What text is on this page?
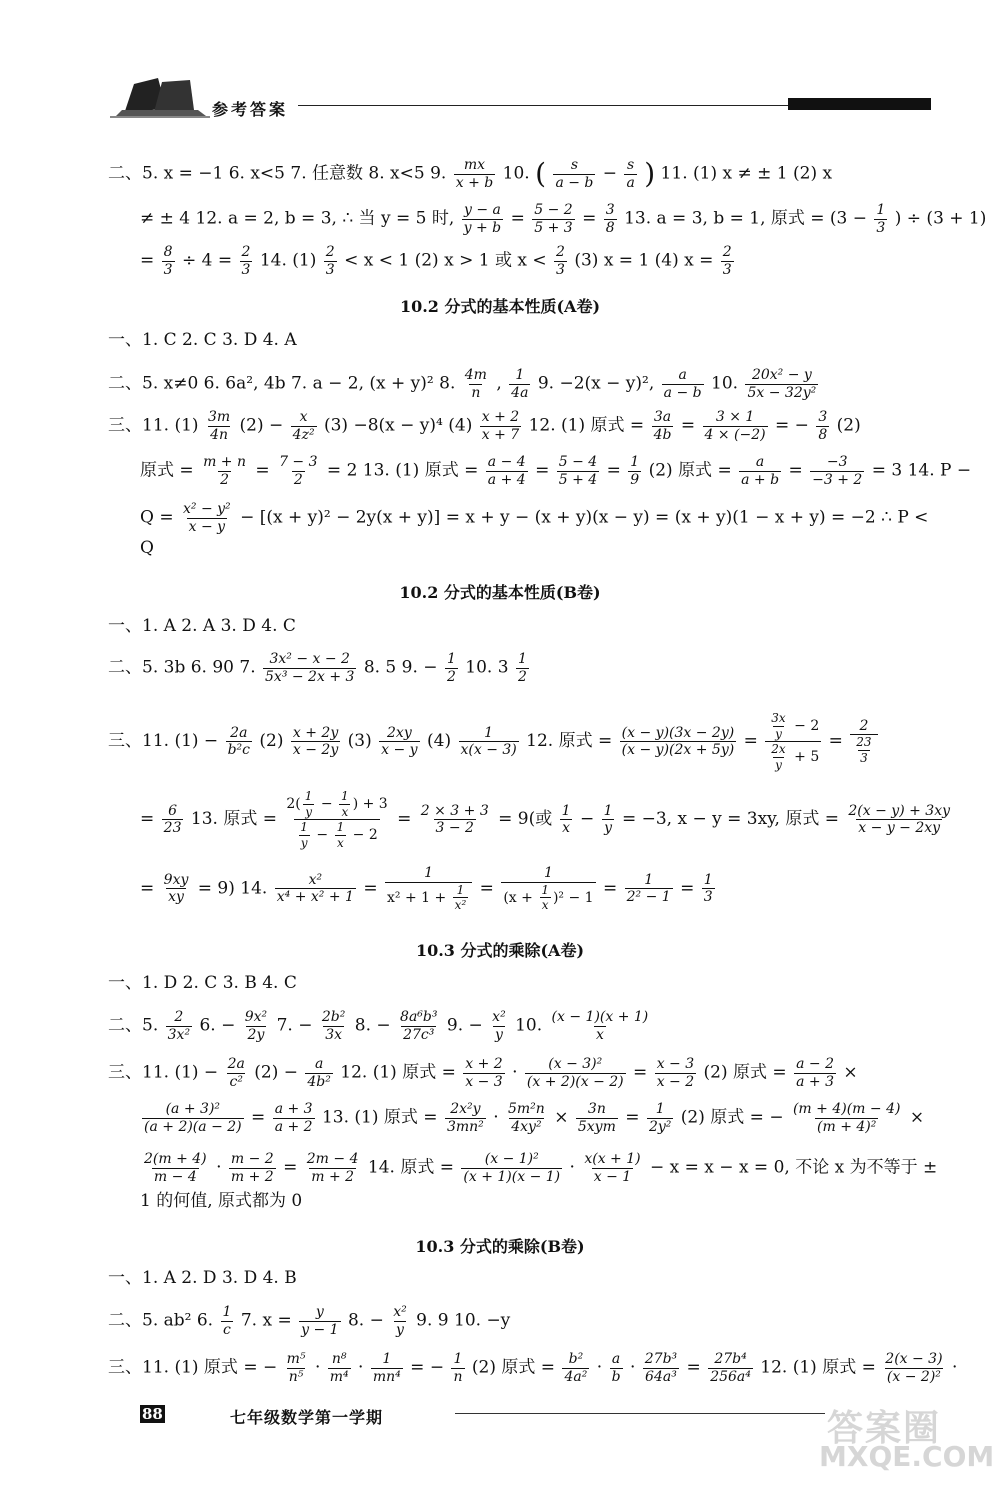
参考答案
二、5. x = −1 6. x<5 7. 任意数 8. x<5 9. $\frac{mx}{x + b} 10$. ( $\frac{s}{a - b} - \frac{s}{a}$ ) 11. (1) x ≠ ± 1 (2) x
≠ ± 4 12. a = 2, b = 3, ∴ 当 y = 5 时, $\frac{y - a}{y + b} = \frac{5 - 2}{5 + 3} = \frac{3}{8} 13$. a = 3, b = 1, 原式 = ($3 - \frac{1}{3}$ ) ÷ (3 + 1)
= $\frac{8}{3} \div 4 = \frac{2}{3} 14$. $(1) \frac{2}{3} < x < 1$ (2) x > 1 或 $x < \frac{2}{3} (3) x = 1$ (4) $x = \frac{2}{3}$
10.2 分式的基本性质(A卷)
一、1. C 2. C 3. D 4. A
二、5. x≠0 6. 6a², 4b 7. a − 2, (x + y)² 8. $\frac{4m}{n}$ , $\frac{1}{4a} 9$. −2(x − y)², $\frac{a}{a - b} 10$. $\frac{\text{20x² − y}}{\text{5x − 32y²}}$
三、11. $(1) \frac{3m}{4n} (2) - \frac{x}{\text{4z²}} (3) -8(x - y)^4$ $(4) \frac{x + 2}{x + 7} 12$. (1) 原式 = $\frac{3a}{4b} = \frac{3 \times 1}{4 \times (-2)}$ = − $\frac{3}{8} (2)$
原式 = $\frac{m + n}{2} = \frac{7 - 3}{2} = 2$ 13. (1) 原式 = $\frac{a - 4}{a + 4} = \frac{5 - 4}{5 + 4} = \frac{1}{9} (2)$ 原式 = $\frac{a}{a + b} = \frac{-3}{-3 + 2} = 3$ 14. P −
$Q = \frac{\text{x² − y²}}{x - y} - [(x + y)^2 - 2y(x + y)] = x + y - (x + y)(x - y) = (x + y)(1 - x + y) = -2$ ∴ P <
Q
10.2 分式的基本性质(B卷)
一、1. A 2. A 3. D 4. C
二、5. 3b 6. 90 7. $\frac{\text{3x² − x − 2}}{\text{5x³ − 2x + 3}} 8$. 5 9. − $\frac{1}{2} 10$. $3 \frac{1}{2}$
三、11. $(1) - \frac{2a}{\text{b²c}} (2) \frac{x + 2y}{x - 2y} (3) \frac{2xy}{x - y} (4) \frac{1}{x(x - 3)} 12$. 原式 = $\frac{(x - y)(3x - 2y)}{(x - y)(2x + 5y)} = \frac{\frac{3x}{y} - 2}{\frac{2x}{y} + 5} = \frac{2}{\frac{23}{3}}$
= $\frac{6}{23} 13$. 原式 = $\frac{2( \frac{1}{y} - \frac{1}{x} ) + 3}{\frac{1}{y} - \frac{1}{x} - 2} = \frac{2 \times 3 + 3}{3 - 2} = 9$(或 $\frac{1}{x} - \frac{1}{y} = -3$, x − y = 3xy, 原式 = $\frac{2(x - y) + 3xy}{x - y - 2xy}$
= $\frac{9xy}{xy} = 9$) 14. $\frac{\text{x²}}{\text{x⁴ + x² + 1}} = \frac{1}{x^2 + 1 + \frac{1}{\text{x²}}} = \frac{1}{(x + \frac{1}{x} )^2 - 1} = \frac{1}{\text{2² − 1}} = \frac{1}{3}$
10.3 分式的乘除(A卷)
一、1. D 2. C 3. B 4. C
二、5. $\frac{2}{\text{3x²}} 6$. − $\frac{\text{9x²}}{2y} 7$. − $\frac{\text{2b²}}{3x} 8$. − $\frac{\text{8a⁶b³}}{\text{27c³}} 9$. − $\frac{\text{x²}}{y} 10$. $\frac{(x - 1)(x + 1)}{x}$
三、11. $(1) - \frac{2a}{\text{c²}} (2) - \frac{a}{\text{4b²}} 12$. (1) 原式 = $\frac{x + 2}{x - 3} \cdot \frac{\text{(x − 3)²}}{(x + 2)(x - 2)} = \frac{x - 3}{x - 2} (2)$ 原式 = $\frac{a - 2}{a + 3}$ ×
$\frac{\text{(a + 3)²}}{(a + 2)(a - 2)} = \frac{a + 3}{a + 2} 13$. (1) 原式 = $\frac{\text{2x²y}}{\text{3mn²}} \cdot \frac{\text{5m²n}}{\text{4xy²}} \times 3n$
$5xym = \frac{1}{\text{2y²}} (2)$ 原式 = − $\frac{(m + 4)(m - 4)}{\text{(m + 4)²}}$ ×
$\frac{2(m + 4)}{m - 4} \cdot \frac{m - 2}{m + 2} = \frac{2m - 4}{m + 2} 14$. 原式 = $\frac{\text{(x − 1)²}}{(x + 1)(x - 1)} \cdot \frac{x(x + 1)}{x - 1} - x = x - x = 0$, 不论 x 为不等于 ±
1 的何值, 原式都为 0
10.3 分式的乘除(B卷)
一、1. A 2. D 3. D 4. B
二、5. ab² 6. $\frac{1}{c} 7$. $x = \frac{y}{y - 1} 8$. − $\frac{\text{x²}}{y} 9$. 9 10. −y
三、11. (1) 原式 = − $\frac{\text{m⁵}}{\text{n⁵}} \cdot \frac{\text{n⁸}}{\text{m⁴}} \cdot \frac{1}{\text{mn⁴}}$ = − $\frac{1}{n} (2)$ 原式 = $\frac{\text{b²}}{\text{4a²}} \cdot \frac{a}{b} \cdot \frac{\text{27b³}}{\text{64a³}} = \frac{\text{27b⁴}}{\text{256a⁴}} 12$. (1) 原式 = $\frac{2(x - 3)}{\text{(x − 2)²}}$ ·
88	七年级数学第一学期	答案圈
MXQE.COM
